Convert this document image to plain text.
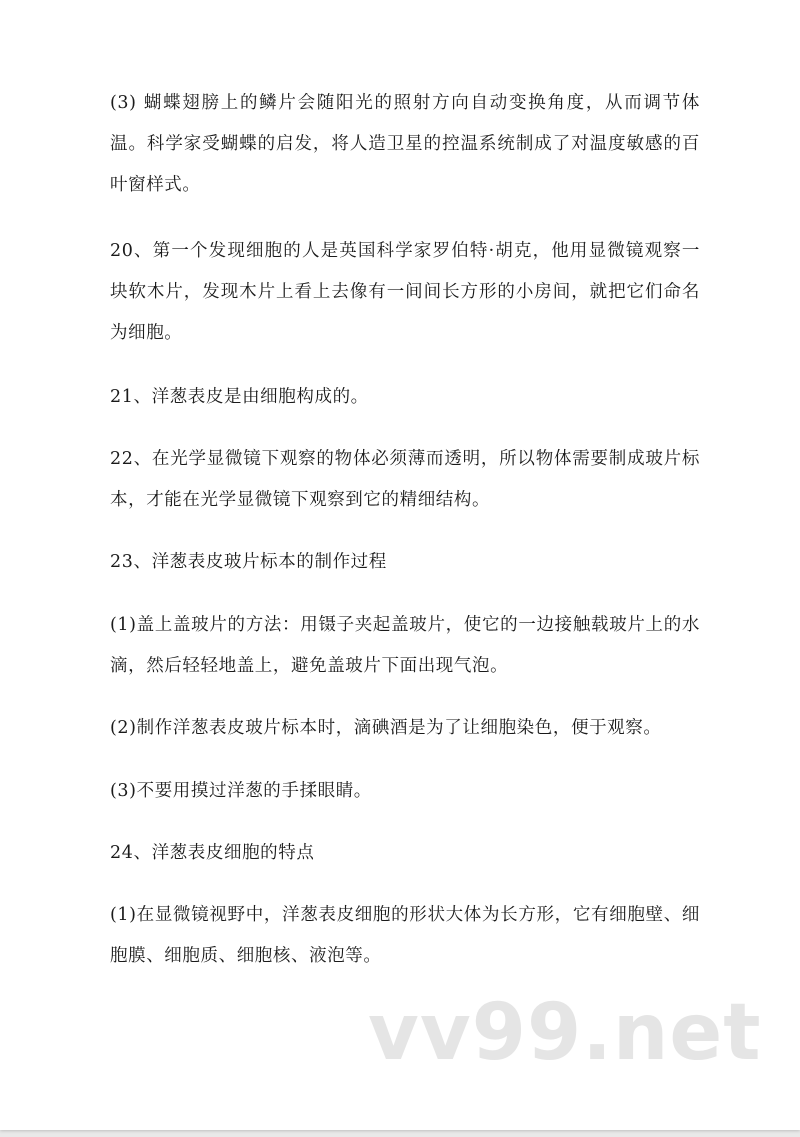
(3) 蝴蝶翅膀上的鳞片会随阳光的照射方向自动变换角度，从而调节体温。科学家受蝴蝶的启发，将人造卫星的控温系统制成了对温度敏感的百叶窗样式。

20、第一个发现细胞的人是英国科学家罗伯特·胡克，他用显微镜观察一块软木片，发现木片上看上去像有一间间长方形的小房间，就把它们命名为细胞。

21、洋葱表皮是由细胞构成的。

22、在光学显微镜下观察的物体必须薄而透明，所以物体需要制成玻片标本，才能在光学显微镜下观察到它的精细结构。

23、洋葱表皮玻片标本的制作过程

(1)盖上盖玻片的方法：用镊子夹起盖玻片，使它的一边接触载玻片上的水滴，然后轻轻地盖上，避免盖玻片下面出现气泡。

(2)制作洋葱表皮玻片标本时，滴碘酒是为了让细胞染色，便于观察。

(3)不要用摸过洋葱的手揉眼睛。

24、洋葱表皮细胞的特点

(1)在显微镜视野中，洋葱表皮细胞的形状大体为长方形，它有细胞壁、细胞膜、细胞质、细胞核、液泡等。

vv99.net
